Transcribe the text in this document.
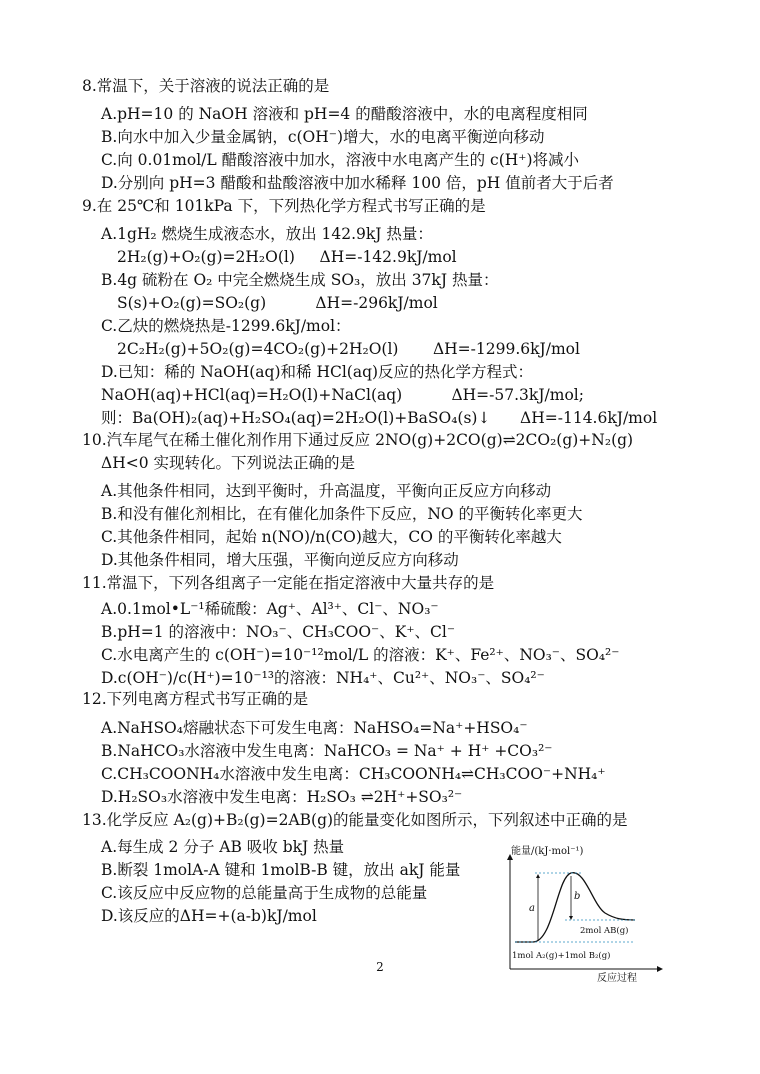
8.常温下，关于溶液的说法正确的是
A.pH=10 的 NaOH 溶液和 pH=4 的醋酸溶液中，水的电离程度相同
B.向水中加入少量金属钠，c(OH⁻)增大，水的电离平衡逆向移动
C.向 0.01mol/L 醋酸溶液中加水，溶液中水电离产生的 c(H⁺)将减小
D.分别向 pH=3 醋酸和盐酸溶液中加水稀释 100 倍，pH 值前者大于后者
9.在 25℃和 101kPa 下，下列热化学方程式书写正确的是
A.1gH₂ 燃烧生成液态水，放出 142.9kJ 热量：
2H₂(g)+O₂(g)=2H₂O(l)     ΔH=-142.9kJ/mol
B.4g 硫粉在 O₂ 中完全燃烧生成 SO₃，放出 37kJ 热量：
S(s)+O₂(g)=SO₂(g)          ΔH=-296kJ/mol
C.乙炔的燃烧热是-1299.6kJ/mol：
2C₂H₂(g)+5O₂(g)=4CO₂(g)+2H₂O(l)       ΔH=-1299.6kJ/mol
D.已知：稀的 NaOH(aq)和稀 HCl(aq)反应的热化学方程式：
NaOH(aq)+HCl(aq)=H₂O(l)+NaCl(aq)          ΔH=-57.3kJ/mol;
则：Ba(OH)₂(aq)+H₂SO₄(aq)=2H₂O(l)+BaSO₄(s)↓      ΔH=-114.6kJ/mol
10.汽车尾气在稀土催化剂作用下通过反应 2NO(g)+2CO(g)⇌2CO₂(g)+N₂(g)
ΔH<0 实现转化。下列说法正确的是
A.其他条件相同，达到平衡时，升高温度，平衡向正反应方向移动
B.和没有催化剂相比，在有催化加条件下反应，NO 的平衡转化率更大
C.其他条件相同，起始 n(NO)/n(CO)越大，CO 的平衡转化率越大
D.其他条件相同，增大压强，平衡向逆反应方向移动
11.常温下，下列各组离子一定能在指定溶液中大量共存的是
A.0.1mol•L⁻¹稀硫酸：Ag⁺、Al³⁺、Cl⁻、NO₃⁻
B.pH=1 的溶液中：NO₃⁻、CH₃COO⁻、K⁺、Cl⁻
C.水电离产生的 c(OH⁻)=10⁻¹²mol/L 的溶液：K⁺、Fe²⁺、NO₃⁻、SO₄²⁻
D.c(OH⁻)/c(H⁺)=10⁻¹³的溶液：NH₄⁺、Cu²⁺、NO₃⁻、SO₄²⁻
12.下列电离方程式书写正确的是
A.NaHSO₄熔融状态下可发生电离：NaHSO₄=Na⁺+HSO₄⁻
B.NaHCO₃水溶液中发生电离：NaHCO₃ = Na⁺ + H⁺ +CO₃²⁻
C.CH₃COONH₄水溶液中发生电离：CH₃COONH₄⇌CH₃COO⁻+NH₄⁺
D.H₂SO₃水溶液中发生电离：H₂SO₃ ⇌2H⁺+SO₃²⁻
13.化学反应 A₂(g)+B₂(g)=2AB(g)的能量变化如图所示，下列叙述中正确的是
A.每生成 2 分子 AB 吸收 bkJ 热量
B.断裂 1molA-A 键和 1molB-B 键，放出 akJ 能量
C.该反应中反应物的总能量高于生成物的总能量
D.该反应的ΔH=+(a-b)kJ/mol
2
能量/(kJ·mol⁻¹)
反应过程
a
b
2mol AB(g)
1mol A₂(g)+1mol B₂(g)
